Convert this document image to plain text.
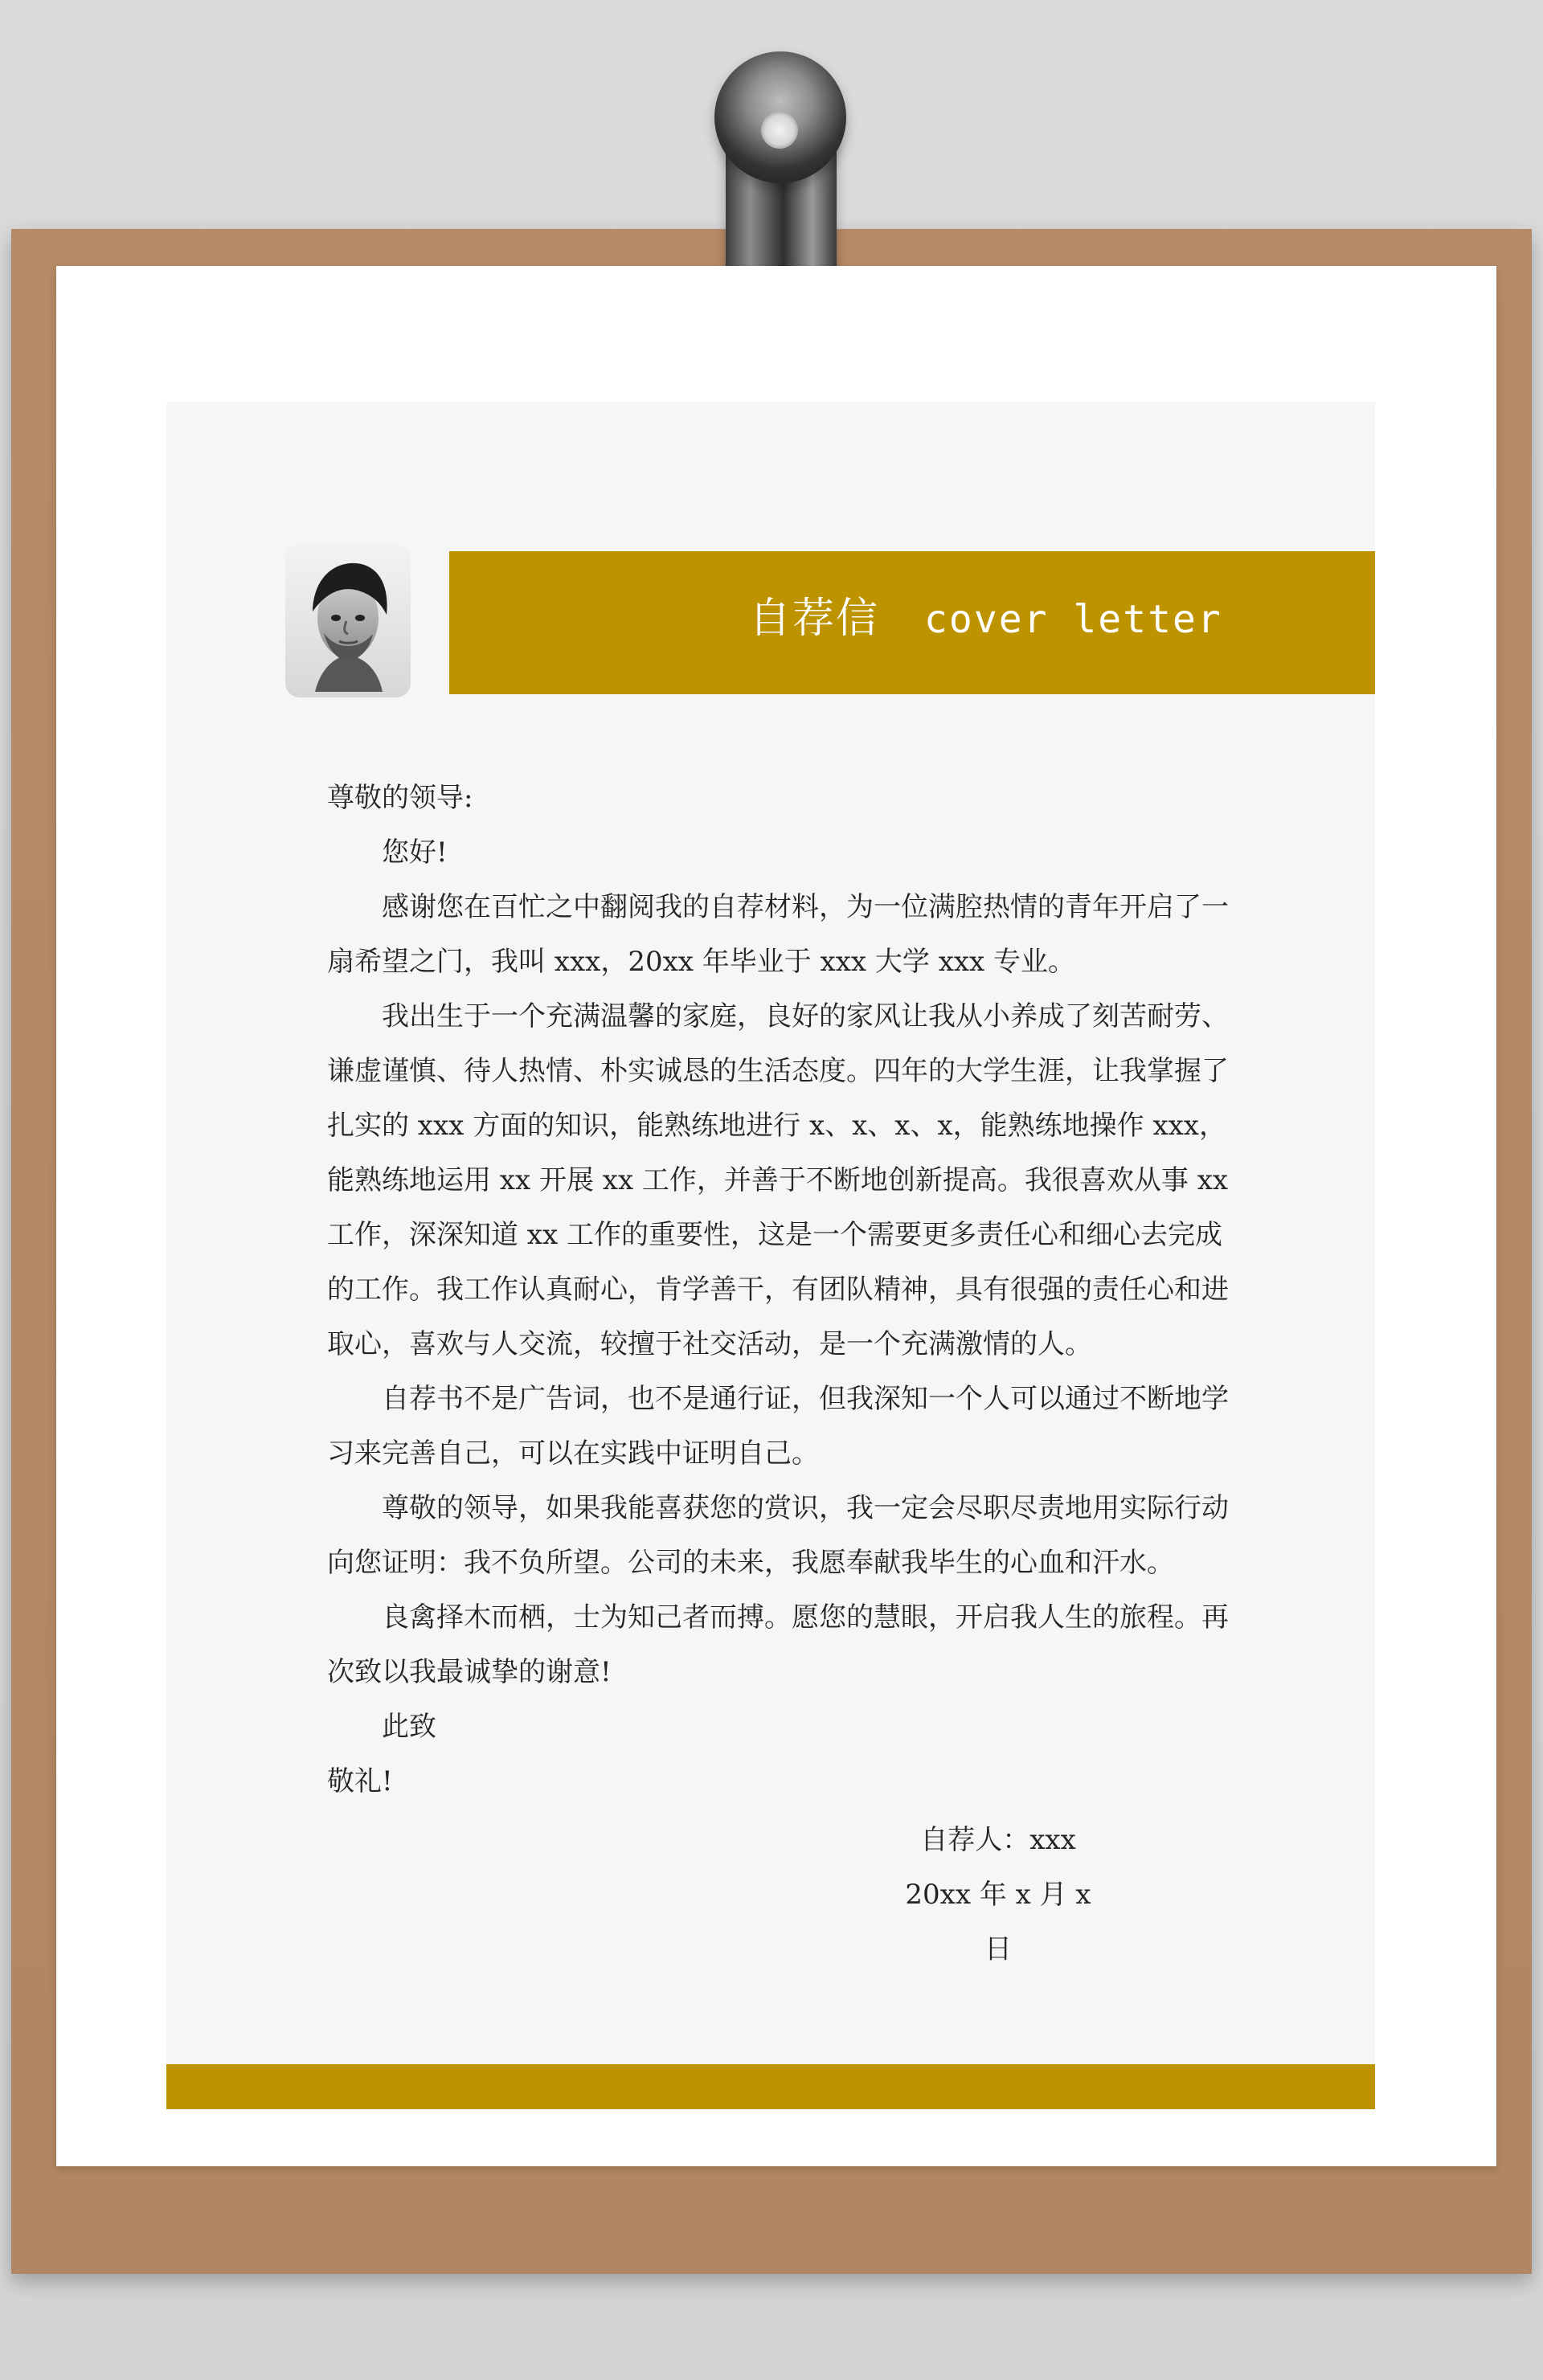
自荐信 cover letter

尊敬的领导:

您好!

感谢您在百忙之中翻阅我的自荐材料，为一位满腔热情的青年开启了一扇希望之门，我叫 xxx，20xx 年毕业于 xxx 大学 xxx 专业。

我出生于一个充满温馨的家庭，良好的家风让我从小养成了刻苦耐劳、谦虚谨慎、待人热情、朴实诚恳的生活态度。四年的大学生涯，让我掌握了扎实的 xxx 方面的知识，能熟练地进行 x、x、x、x，能熟练地操作 xxx，能熟练地运用 xx 开展 xx 工作，并善于不断地创新提高。我很喜欢从事 xx 工作，深深知道 xx 工作的重要性，这是一个需要更多责任心和细心去完成的工作。我工作认真耐心，肯学善干，有团队精神，具有很强的责任心和进取心，喜欢与人交流，较擅于社交活动，是一个充满激情的人。

自荐书不是广告词，也不是通行证，但我深知一个人可以通过不断地学习来完善自己，可以在实践中证明自己。

尊敬的领导，如果我能喜获您的赏识，我一定会尽职尽责地用实际行动向您证明：我不负所望。公司的未来，我愿奉献我毕生的心血和汗水。

良禽择木而栖，士为知己者而搏。愿您的慧眼，开启我人生的旅程。再次致以我最诚挚的谢意!

此致

敬礼!

自荐人：xxx
20xx 年 x 月 x 日
